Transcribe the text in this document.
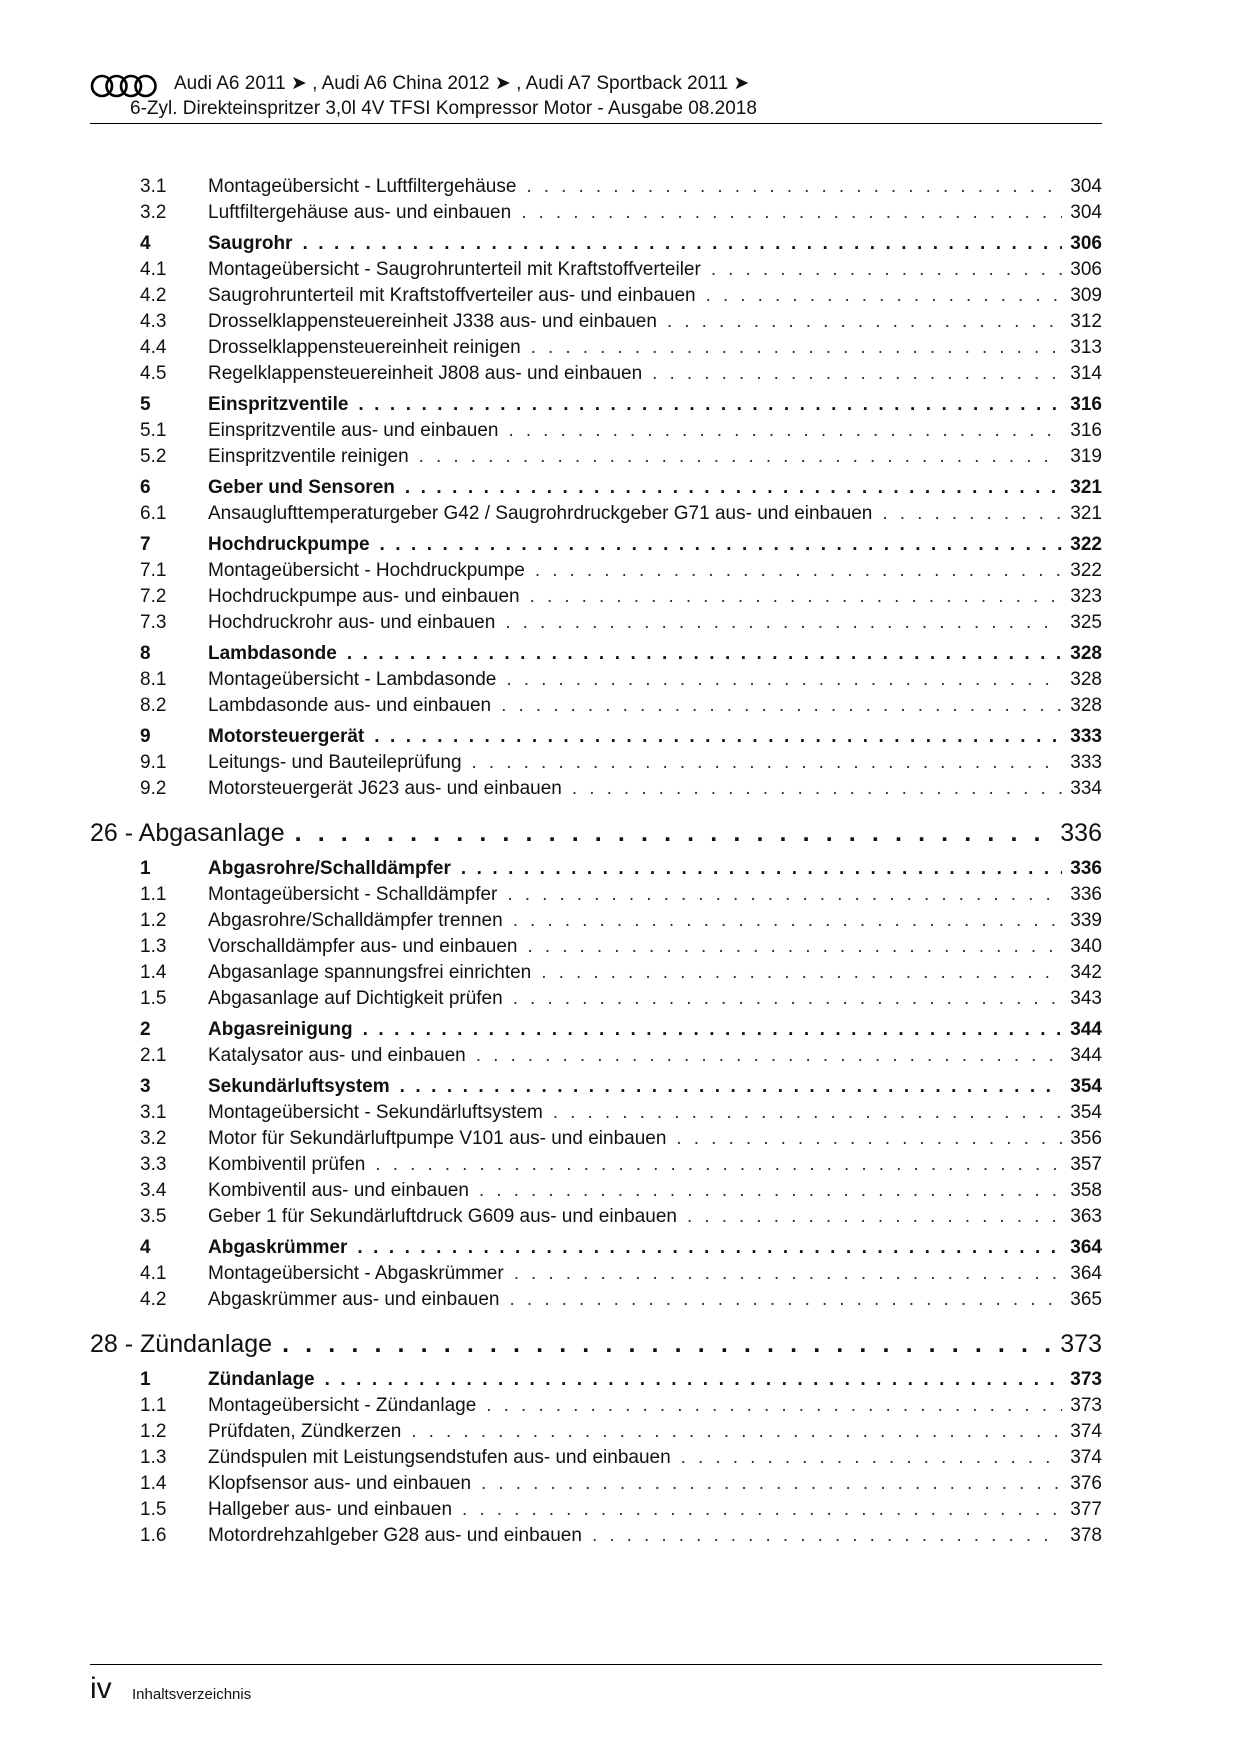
Audi A6 2011 ➤ , Audi A6 China 2012 ➤ , Audi A7 Sportback 2011 ➤
6-Zyl. Direkteinspritzer 3,0l 4V TFSI Kompressor Motor - Ausgabe 08.2018
3.1 Montageübersicht - Luftfiltergehäuse . . .	304
3.2 Luftfiltergehäuse aus- und einbauen . . .	304
4	Saugrohr . . .	306
4.1 Montageübersicht - Saugrohrunterteil mit Kraftstoffverteiler . . .	306
4.2 Saugrohrunterteil mit Kraftstoffverteiler aus- und einbauen . . .	309
4.3 Drosselklappensteuereinheit J338 aus- und einbauen . . .	312
4.4 Drosselklappensteuereinheit reinigen . . .	313
4.5 Regelklappensteuereinheit J808 aus- und einbauen . . .	314
5	Einspritzventile . . .	316
5.1 Einspritzventile aus- und einbauen . . .	316
5.2 Einspritzventile reinigen . . .	319
6	Geber und Sensoren . . .	321
6.1 Ansauglufttemperaturgeber G42 / Saugrohrdruckgeber G71 aus- und einbauen . . .	321
7	Hochdruckpumpe . . .	322
7.1 Montageübersicht - Hochdruckpumpe . . .	322
7.2 Hochdruckpumpe aus- und einbauen . . .	323
7.3 Hochdruckrohr aus- und einbauen . . .	325
8	Lambdasonde . . .	328
8.1 Montageübersicht - Lambdasonde . . .	328
8.2 Lambdasonde aus- und einbauen . . .	328
9	Motorsteuergerät . . .	333
9.1 Leitungs- und Bauteileprüfung . . .	333
9.2 Motorsteuergerät J623 aus- und einbauen . . .	334
26 - Abgasanlage . . .	336
1	Abgasrohre/Schalldämpfer . . .	336
1.1 Montageübersicht - Schalldämpfer . . .	336
1.2 Abgasrohre/Schalldämpfer trennen . . .	339
1.3 Vorschalldämpfer aus- und einbauen . . .	340
1.4 Abgasanlage spannungsfrei einrichten . . .	342
1.5 Abgasanlage auf Dichtigkeit prüfen . . .	343
2	Abgasreinigung . . .	344
2.1 Katalysator aus- und einbauen . . .	344
3	Sekundärluftsystem . . .	354
3.1 Montageübersicht - Sekundärluftsystem . . .	354
3.2 Motor für Sekundärluftpumpe V101 aus- und einbauen . . .	356
3.3 Kombiventil prüfen . . .	357
3.4 Kombiventil aus- und einbauen . . .	358
3.5 Geber 1 für Sekundärluftdruck G609 aus- und einbauen . . .	363
4	Abgaskrümmer . . .	364
4.1 Montageübersicht - Abgaskrümmer . . .	364
4.2 Abgaskrümmer aus- und einbauen . . .	365
28 - Zündanlage . . .	373
1	Zündanlage . . .	373
1.1 Montageübersicht - Zündanlage . . .	373
1.2 Prüfdaten, Zündkerzen . . .	374
1.3 Zündspulen mit Leistungsendstufen aus- und einbauen . . .	374
1.4 Klopfsensor aus- und einbauen . . .	376
1.5 Hallgeber aus- und einbauen . . .	377
1.6 Motordrehzahlgeber G28 aus- und einbauen . . .	378
iv Inhaltsverzeichnis
